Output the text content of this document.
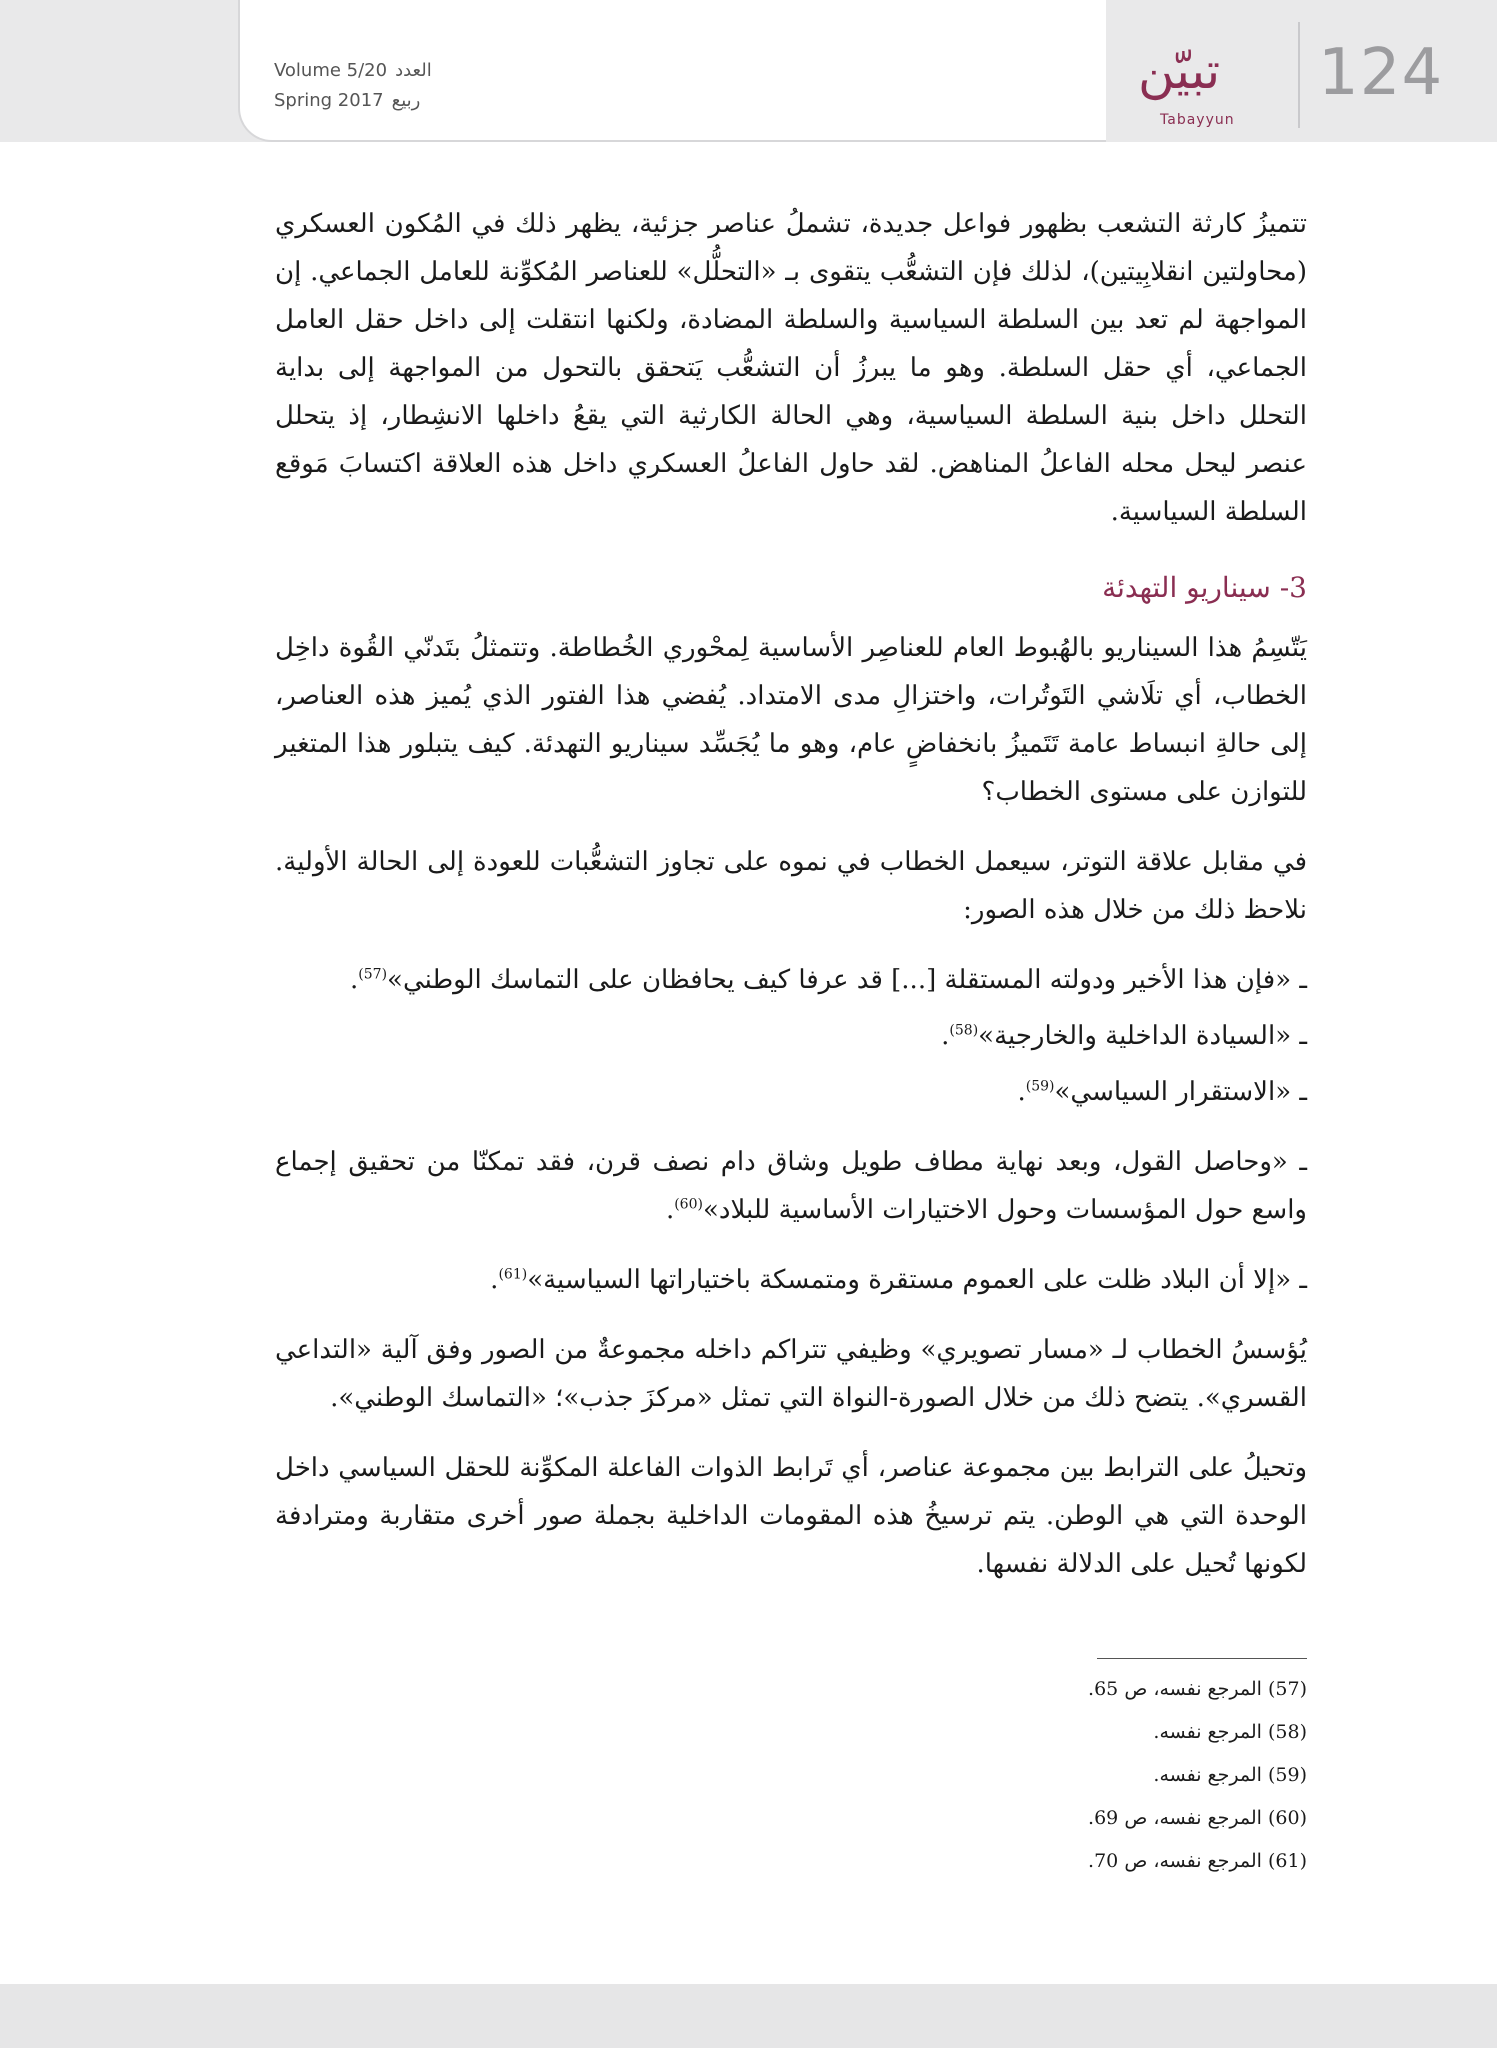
Volume 5/20 العدد
Spring 2017 ربيع
تبيّن
Tabayyun
124

تتميزُ كارثة التشعب بظهور فواعل جديدة، تشملُ عناصر جزئية، يظهر ذلك في المُكون العسكري (محاولتين انقلابِيتين)، لذلك فإن التشعُّب يتقوى بـ «التحلُّل» للعناصر المُكوِّنة للعامل الجماعي. إن المواجهة لم تعد بين السلطة السياسية والسلطة المضادة، ولكنها انتقلت إلى داخل حقل العامل الجماعي، أي حقل السلطة. وهو ما يبرزُ أن التشعُّب يَتحقق بالتحول من المواجهة إلى بداية التحلل داخل بنية السلطة السياسية، وهي الحالة الكارثية التي يقعُ داخلها الانشِطار، إذ يتحلل عنصر ليحل محله الفاعلُ المناهض. لقد حاول الفاعلُ العسكري داخل هذه العلاقة اكتسابَ مَوقع السلطة السياسية.

3- سيناريو التهدئة

يَتّسِمُ هذا السيناريو بالهُبوط العام للعناصِر الأساسية لِمحْوري الخُطاطة. وتتمثلُ بتَدنّي القُوة داخِل الخطاب، أي تلَاشي التَوتُرات، واختزالِ مدى الامتداد. يُفضي هذا الفتور الذي يُميز هذه العناصر، إلى حالةِ انبساط عامة تَتَميزُ بانخفاضٍ عام، وهو ما يُجَسِّد سيناريو التهدئة. كيف يتبلور هذا المتغير للتوازن على مستوى الخطاب؟

في مقابل علاقة التوتر، سيعمل الخطاب في نموه على تجاوز التشعُّبات للعودة إلى الحالة الأولية. نلاحظ ذلك من خلال هذه الصور:

ـ «فإن هذا الأخير ودولته المستقلة [...] قد عرفا كيف يحافظان على التماسك الوطني»$^{(57)}$.

ـ «السيادة الداخلية والخارجية»$^{(58)}$.

ـ «الاستقرار السياسي»$^{(59)}$.

ـ «وحاصل القول، وبعد نهاية مطاف طويل وشاق دام نصف قرن، فقد تمكنّا من تحقيق إجماع واسع حول المؤسسات وحول الاختيارات الأساسية للبلاد»$^{(60)}$.

ـ «إلا أن البلاد ظلت على العموم مستقرة ومتمسكة باختياراتها السياسية»$^{(61)}$.

يُؤسسُ الخطاب لـ «مسار تصويري» وظيفي تتراكم داخله مجموعةٌ من الصور وفق آلية «التداعي القسري». يتضح ذلك من خلال الصورة-النواة التي تمثل «مركزَ جذب»؛ «التماسك الوطني».

وتحيلُ على الترابط بين مجموعة عناصر، أي تَرابط الذوات الفاعلة المكوِّنة للحقل السياسي داخل الوحدة التي هي الوطن. يتم ترسيخُ هذه المقومات الداخلية بجملة صور أخرى متقاربة ومترادفة لكونها تُحيل على الدلالة نفسها.

(57) المرجع نفسه، ص 65.
(58) المرجع نفسه.
(59) المرجع نفسه.
(60) المرجع نفسه، ص 69.
(61) المرجع نفسه، ص 70.
